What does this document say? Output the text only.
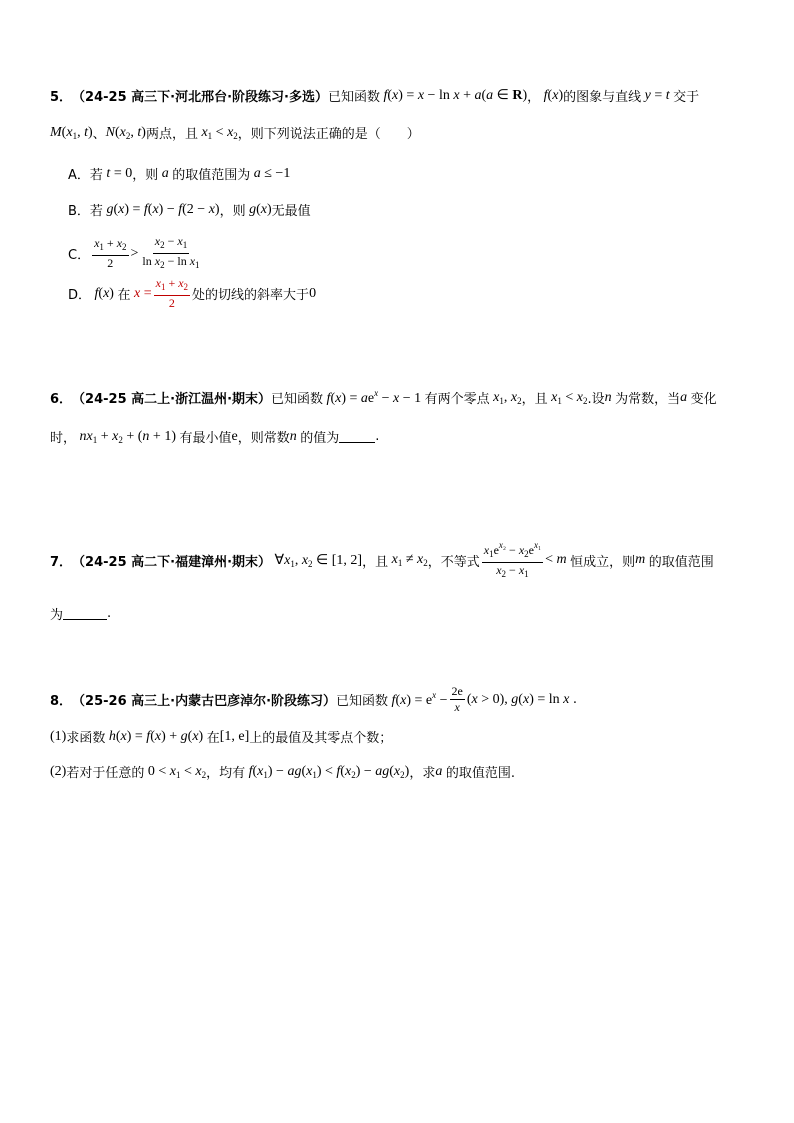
5． （24-25 高三下·河北邢台·阶段练习·多选） 已知函数 f(x) = x − ln x + a(a ∈ R) ， f(x) 的图象与直线 y = t 交于
$M(x_1$, t) 、 $N(x_2$, t) 两点，且 $x_1 < x_2$ ，则下列说法正确的是（　　）
A． 若 t = 0 ，则 a 的取值范围为 a ≤ −1
B． 若 g(x) = f(x) − f(2 − x) ，则 g(x) 无最值
C． $\frac{x_1 + x_2}{2} > \frac{x_2 - x_1}{\ln x_2 - \ln x_1}$
D． f(x) 在 $x = \frac{x_1 + x_2}{2}$ 处的切线的斜率大于 0
6． （24-25 高二上·浙江温州·期末） 已知函数 $f(x) = ae^x - x - 1$ 有两个零点 $x_1$, $x_2$ ，且 $x_1 < x_2$ .设 n 为常数，当 a 变化
时， $nx_1 + x_2 + (n + 1)$ 有最小值 e ，则常数 n 的值为	.
7． （24-25 高二下·福建漳州·期末） $\forall x_1$, $x_2$ ∈ [1, 2] ，且 $x_1 \ne x_2$ ，不等式 $\frac{x_1e^{x_2} - x_2e^{x_1}}{x_2 - x_1} < m$ 恒成立，则 m 的取值范围
为	.
8． （25-26 高三上·内蒙古巴彦淖尔·阶段练习） 已知函数 $f(x) = e^x - \frac{2e}{x} (x > 0)$, g(x) = ln x .
(1) 求函数 h(x) = f(x) + g(x) 在 [1, e] 上的最值及其零点个数；
(2) 若对于任意的 $0 < x_1 < x_2$ ，均有 $f(x_1) - ag(x_1) < f(x_2) - ag(x_2)$ ，求 a 的取值范围.
